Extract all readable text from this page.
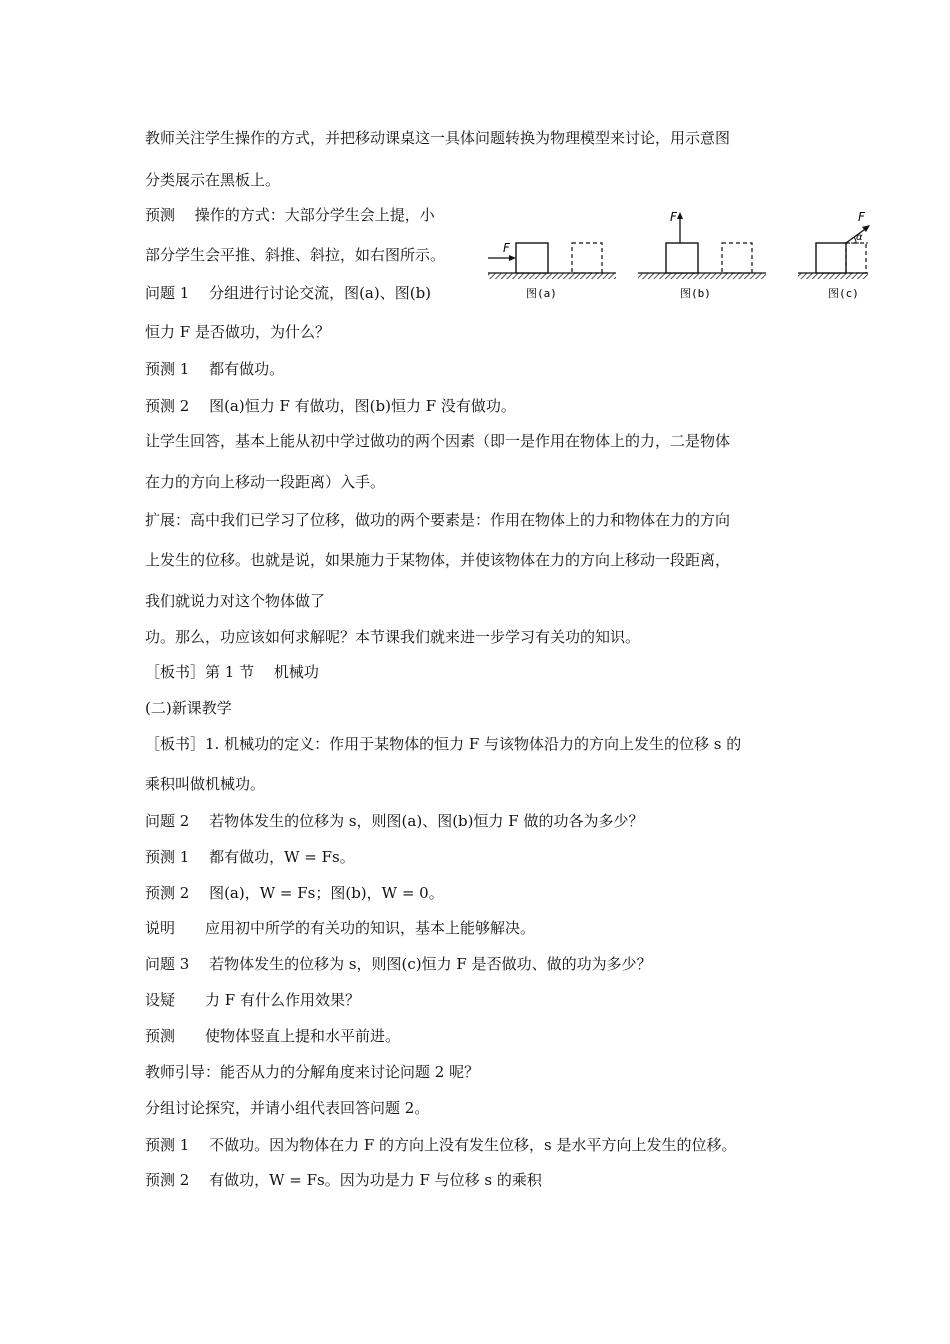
教师关注学生操作的方式，并把移动课桌这一具体问题转换为物理模型来讨论，用示意图
分类展示在黑板上。
预测　 操作的方式：大部分学生会上提，小
部分学生会平推、斜推、斜拉，如右图所示。
问题 1　 分组进行讨论交流，图(a)、图(b)
恒力 F 是否做功，为什么？
预测 1　 都有做功。
预测 2　 图(a)恒力 F 有做功，图(b)恒力 F 没有做功。
让学生回答，基本上能从初中学过做功的两个因素（即一是作用在物体上的力，二是物体
在力的方向上移动一段距离）入手。
扩展：高中我们已学习了位移，做功的两个要素是：作用在物体上的力和物体在力的方向
上发生的位移。也就是说，如果施力于某物体，并使该物体在力的方向上移动一段距离，
我们就说力对这个物体做了
功。那么，功应该如何求解呢？本节课我们就来进一步学习有关功的知识。
［板书］第 1 节　 机械功
(二)新课教学
［板书］1. 机械功的定义：作用于某物体的恒力 F 与该物体沿力的方向上发生的位移 s 的
乘积叫做机械功。
问题 2　 若物体发生的位移为 s，则图(a)、图(b)恒力 F 做的功各为多少？
预测 1　 都有做功，W = Fs。
预测 2　 图(a)，W = Fs；图(b)，W = 0。
说明　　应用初中所学的有关功的知识，基本上能够解决。
问题 3　 若物体发生的位移为 s，则图(c)恒力 F 是否做功、做的功为多少？
设疑　　力 F 有什么作用效果？
预测　　使物体竖直上提和水平前进。
教师引导：能否从力的分解角度来讨论问题 2 呢？
分组讨论探究，并请小组代表回答问题 2。
预测 1　 不做功。因为物体在力 F 的方向上没有发生位移，s 是水平方向上发生的位移。
预测 2　 有做功，W = Fs。因为功是力 F 与位移 s 的乘积
F
图(a)
F
图(b)
α
F
图(c)
